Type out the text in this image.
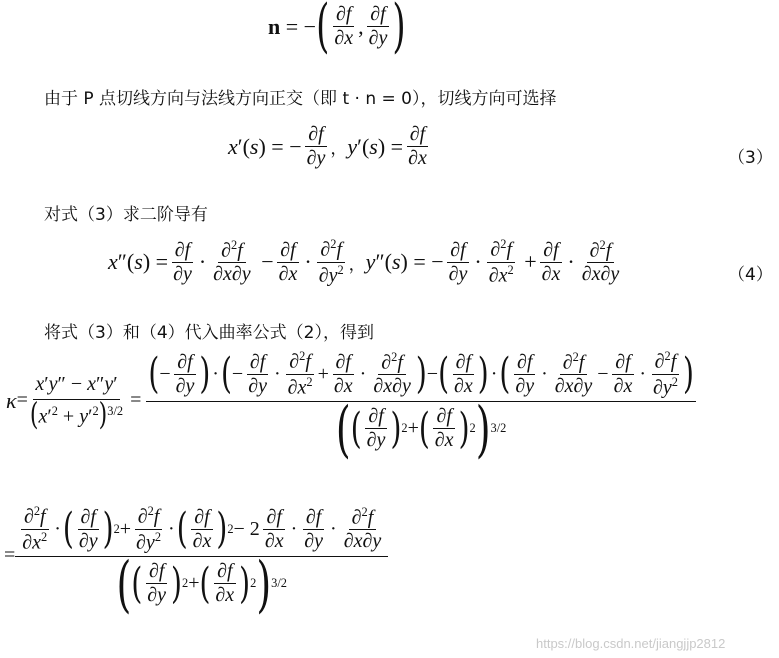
n = − ( $\frac{\partial f}{\partial x}$ , $\frac{\partial f}{\partial y}$ )
由于 P 点切线方向与法线方向正交（即 t · n = 0），切线方向可选择
x ′( s ) = − $\frac{\partial f}{\partial y}$ ， y ′( s ) = $\frac{\partial f}{\partial x}$	（3）
对式（3）求二阶导有
x ″( s ) = $\frac{\partial f}{\partial y} \cdot \frac{\partial^2f}{\partial x\partial y} - \frac{\partial f}{\partial x} \cdot \frac{\partial^2f}{\partial y^2}$ ， y ″( s ) = − $\frac{\partial f}{\partial y} \cdot \frac{\partial^2f}{\partial x^2} + \frac{\partial f}{\partial x} \cdot \frac{\partial^2f}{\partial x\partial y}$	（4）
将式（3）和（4）代入曲率公式（2），得到
$\kappa = \frac{x'y'' - x''y'}{(x'^2 + y'^2)^{3/2}}$ =
( − $\frac{\partial f}{\partial y}$ ) · ( − $\frac{\partial f}{\partial y} \cdot \frac{\partial^2f}{\partial x^2} + \frac{\partial f}{\partial x} \cdot \frac{\partial^2f}{\partial x\partial y}$ ) − ( $\frac{\partial f}{\partial x}$ ) · ( $\frac{\partial f}{\partial y} \cdot \frac{\partial^2f}{\partial x\partial y} - \frac{\partial f}{\partial x} \cdot \frac{\partial^2f}{\partial y^2}$ )
( ( $\frac{\partial f}{\partial y}$ ) 2 + ( $\frac{\partial f}{\partial x}$ ) 2 ) 3/2
=
$\frac{\partial^2f}{\partial x^2}$ · ( $\frac{\partial f}{\partial y}$ ) $2 + \frac{\partial^2f}{\partial y^2}$ · ( $\frac{\partial f}{\partial x}$ ) $2 - 2 \frac{\partial f}{\partial x} \cdot \frac{\partial f}{\partial y} \cdot \frac{\partial^2f}{\partial x\partial y}$
( ( $\frac{\partial f}{\partial y}$ ) 2 + ( $\frac{\partial f}{\partial x}$ ) 2 ) 3/2
https://blog.csdn.net/jiangjjp2812
